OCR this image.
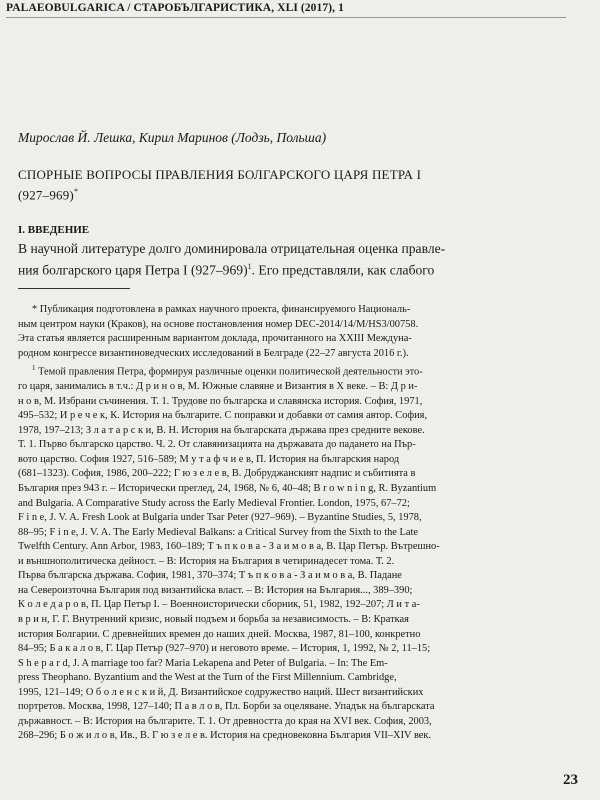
PALAEOBULGARICA / СТАРОБЪЛГАРИСТИКА, XLI (2017), 1
Мирослав Й. Лешка, Кирил Маринов (Лодзь, Польша)
СПОРНЫЕ ВОПРОСЫ ПРАВЛЕНИЯ БОЛГАРСКОГО ЦАРЯ ПЕТРА I
(927–969)*
I. ВВЕДЕНИЕ
В научной литературе долго доминировала отрицательная оценка правле-
ния болгарского царя Петра I $(927-969)^1$. Его представляли, как слабого
* Публикация подготовлена в рамках научного проекта, финансируемого Националь-
ным центром науки (Краков), на основе постановления номер DEC-2014/14/M/HS3/00758.
Эта статья является расширенным вариантом доклада, прочитанного на XXIII Междуна-
родном конгрессе византиноведческих исследований в Белграде (22–27 августа 2016 г.).
$^1$ Темой правления Петра, формируя различные оценки политической деятельности это-
го царя, занимались в т.ч.: Д р и н о в, М. Южные славяне и Византия в X веке. – В: Д р и-
н о в, М. Избрани съчинения. Т. 1. Трудове по българска и славянска история. София, 1971,
495–532; И р е ч е к, К. История на българите. С поправки и добавки от самия автор. София,
1978, 197–213; З л а т а р с к и, В. Н. История на българската държава през средните векове.
Т. 1. Първо българско царство. Ч. 2. От славянизацията на държавата до падането на Пър-
вото царство. София 1927, 516–589; М у т а ф ч и е в, П. История на българския народ
(681–1323). София, 1986, 200–222; Г ю з е л е в, В. Добруджанският надпис и събитията в
България през 943 г. – Исторически преглед, 24, 1968, № 6, 40–48; B r o w n i n g, R. Byzantium
and Bulgaria. A Comparative Study across the Early Medieval Frontier. London, 1975, 67–72;
F i n e, J. V. A. Fresh Look at Bulgaria under Tsar Peter (927–969). – Byzantine Studies, 5, 1978,
88–95; F i n e, J. V. A. The Early Medieval Balkans: a Critical Survey from the Sixth to the Late
Twelfth Century. Ann Arbor, 1983, 160–189; Т ъ п к о в а - З а и м о в а, В. Цар Петър. Вътрешно-
и външнополитическа дейност. – В: История на България в четиринадесет тома. Т. 2.
Първа българска държава. София, 1981, 370–374; Т ъ п к о в а - З а и м о в а, В. Падане
на Североизточна България под византийска власт. – В: История на България..., 389–390;
К о л е д а р о в, П. Цар Петър I. – Военноисторически сборник, 51, 1982, 192–207; Л и т а-
в р и н, Г. Г. Внутренний кризис, новый подъем и борьба за независимость. – В: Краткая
история Болгарии. С древнейших времен до наших дней. Москва, 1987, 81–100, конкретно
84–95; Б а к а л о в, Г. Цар Петър (927–970) и неговото време. – История, 1, 1992, № 2, 11–15;
S h e p a r d, J. A marriage too far? Maria Lekapena and Peter of Bulgaria. – In: The Em-
press Theophano. Byzantium and the West at the Turn of the First Millennium. Cambridge,
1995, 121–149; О б о л е н с к и й, Д. Византийское содружество наций. Шест византийских
портретов. Москва, 1998, 127–140; П а в л о в, Пл. Борби за оцеляване. Упадък на българската
държавност. – В: История на българите. Т. 1. От древността до края на XVI век. София, 2003,
268–296; Б о ж и л о в, Ив., В. Г ю з е л е в. История на средновековна България VII–XIV век.
23
